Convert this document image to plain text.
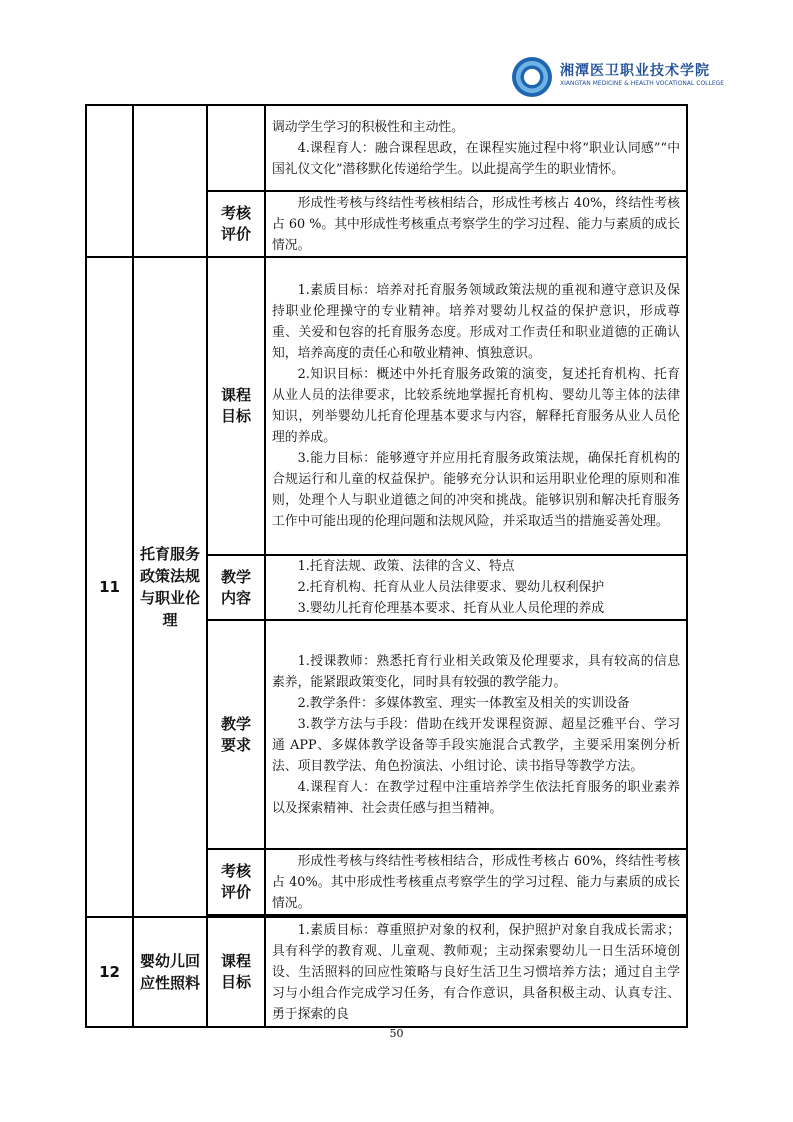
湘潭医卫职业技术学院
XIANGTAN MEDICINE & HEALTH VOCATIONAL COLLEGE

			调动学生学习的积极性和主动性。

4.课程育人：融合课程思政，在课程实施过程中将“职业认同感”“中国礼仪文化”潜移默化传递给学生。以此提高学生的职业情怀。

		考核评价	形成性考核与终结性考核相结合，形成性考核占 40%，终结性考核占 60 %。其中形成性考核重点考察学生的学习过程、能力与素质的成长情况。

11	托育服务政策法规与职业伦理	课程目标	1.素质目标：培养对托育服务领域政策法规的重视和遵守意识及保持职业伦理操守的专业精神。培养对婴幼儿权益的保护意识，形成尊重、关爱和包容的托育服务态度。形成对工作责任和职业道德的正确认知，培养高度的责任心和敬业精神、慎独意识。

2.知识目标：概述中外托育服务政策的演变，复述托育机构、托育从业人员的法律要求，比较系统地掌握托育机构、婴幼儿等主体的法律知识，列举婴幼儿托育伦理基本要求与内容，解释托育服务从业人员伦理的养成。

3.能力目标：能够遵守并应用托育服务政策法规，确保托育机构的合规运行和儿童的权益保护。能够充分认识和运用职业伦理的原则和准则，处理个人与职业道德之间的冲突和挑战。能够识别和解决托育服务工作中可能出现的伦理问题和法规风险，并采取适当的措施妥善处理。

		教学内容	1.托育法规、政策、法律的含义、特点

2.托育机构、托育从业人员法律要求、婴幼儿权利保护

3.婴幼儿托育伦理基本要求、托育从业人员伦理的养成

		教学要求	1.授课教师：熟悉托育行业相关政策及伦理要求，具有较高的信息素养，能紧跟政策变化，同时具有较强的教学能力。

2.教学条件：多媒体教室、理实一体教室及相关的实训设备

3.教学方法与手段：借助在线开发课程资源、超星泛雅平台、学习通 APP、多媒体教学设备等手段实施混合式教学，主要采用案例分析法、项目教学法、角色扮演法、小组讨论、读书指导等教学方法。

4.课程育人：在教学过程中注重培养学生依法托育服务的职业素养以及探索精神、社会责任感与担当精神。

		考核评价	形成性考核与终结性考核相结合，形成性考核占 60%，终结性考核占 40%。其中形成性考核重点考察学生的学习过程、能力与素质的成长情况。

12	婴幼儿回应性照料	课程目标	1.素质目标：尊重照护对象的权利，保护照护对象自我成长需求；具有科学的教育观、儿童观、教师观；主动探索婴幼儿一日生活环境创设、生活照料的回应性策略与良好生活卫生习惯培养方法；通过自主学习与小组合作完成学习任务，有合作意识，具备积极主动、认真专注、勇于探索的良

50
